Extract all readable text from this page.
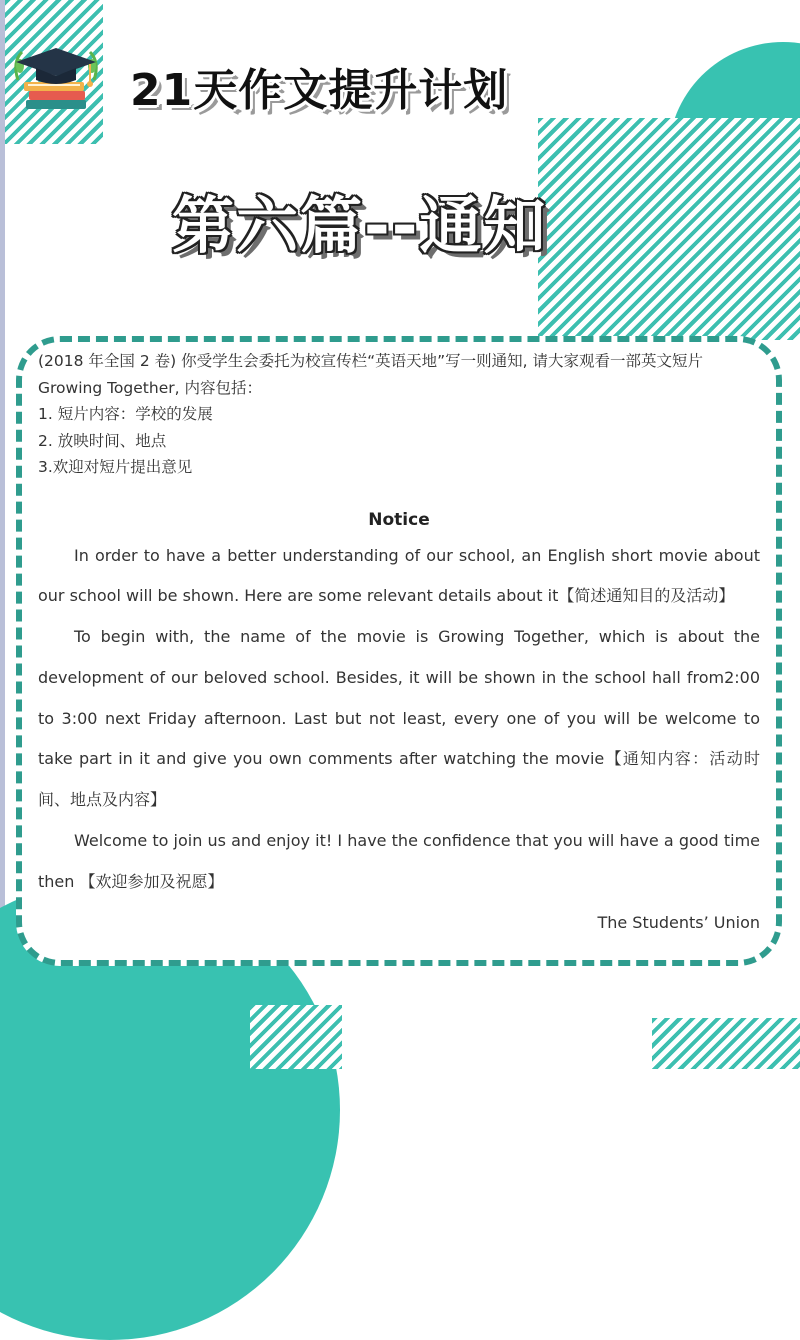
21天作文提升计划
第六篇--通知

(2018 年全国 2 卷) 你受学生会委托为校宣传栏“英语天地”写一则通知, 请大家观看一部英文短片 Growing Together, 内容包括：

1. 短片内容：学校的发展

2. 放映时间、地点

3.欢迎对短片提出意见

Notice

In order to have a better understanding of our school, an English short movie about our school will be shown. Here are some relevant details about it【简述通知目的及活动】

To begin with, the name of the movie is Growing Together, which is about the development of our beloved school. Besides, it will be shown in the school hall from2:00 to 3:00 next Friday afternoon. Last but not least, every one of you will be welcome to take part in it and give you own comments after watching the movie【通知内容：活动时间、地点及内容】

Welcome to join us and enjoy it! I have the confidence that you will have a good time then 【欢迎参加及祝愿】

The Students’ Union
